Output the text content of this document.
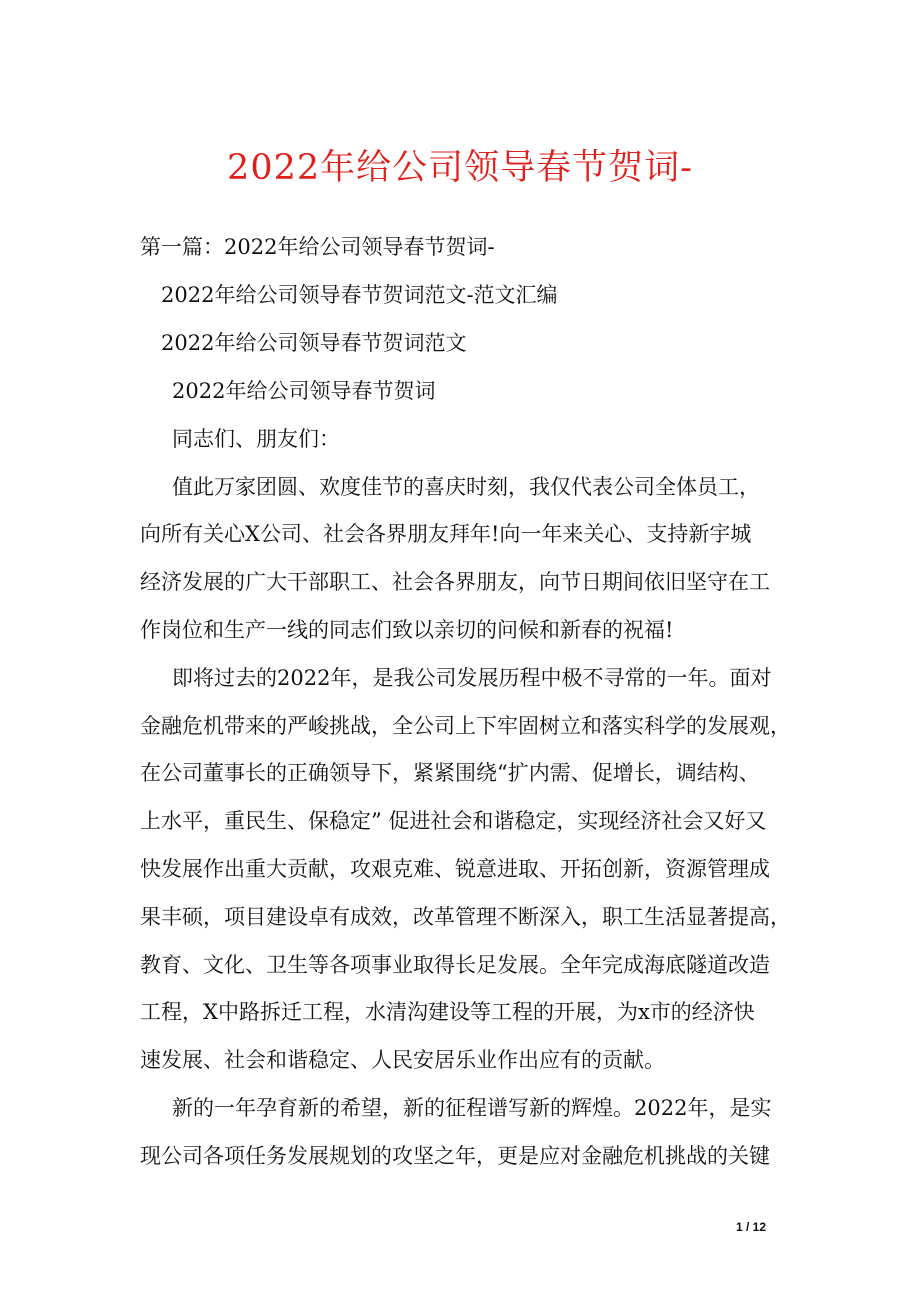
2022年给公司领导春节贺词-
第一篇：2022年给公司领导春节贺词-
2022年给公司领导春节贺词范文-范文汇编
2022年给公司领导春节贺词范文
2022年给公司领导春节贺词
同志们、朋友们：
值此万家团圆、欢度佳节的喜庆时刻，我仅代表公司全体员工，
向所有关心X公司、社会各界朋友拜年!向一年来关心、支持新宇城
经济发展的广大干部职工、社会各界朋友，向节日期间依旧坚守在工
作岗位和生产一线的同志们致以亲切的问候和新春的祝福!
即将过去的2022年，是我公司发展历程中极不寻常的一年。面对
金融危机带来的严峻挑战，全公司上下牢固树立和落实科学的发展观，
在公司董事长的正确领导下，紧紧围绕“扩内需、促增长，调结构、
上水平，重民生、保稳定” 促进社会和谐稳定，实现经济社会又好又
快发展作出重大贡献，攻艰克难、锐意进取、开拓创新，资源管理成
果丰硕，项目建设卓有成效，改革管理不断深入，职工生活显著提高，
教育、文化、卫生等各项事业取得长足发展。全年完成海底隧道改造
工程，X中路拆迁工程，水清沟建设等工程的开展，为x市的经济快
速发展、社会和谐稳定、人民安居乐业作出应有的贡献。
新的一年孕育新的希望，新的征程谱写新的辉煌。2022年，是实
现公司各项任务发展规划的攻坚之年，更是应对金融危机挑战的关键
1 / 12
